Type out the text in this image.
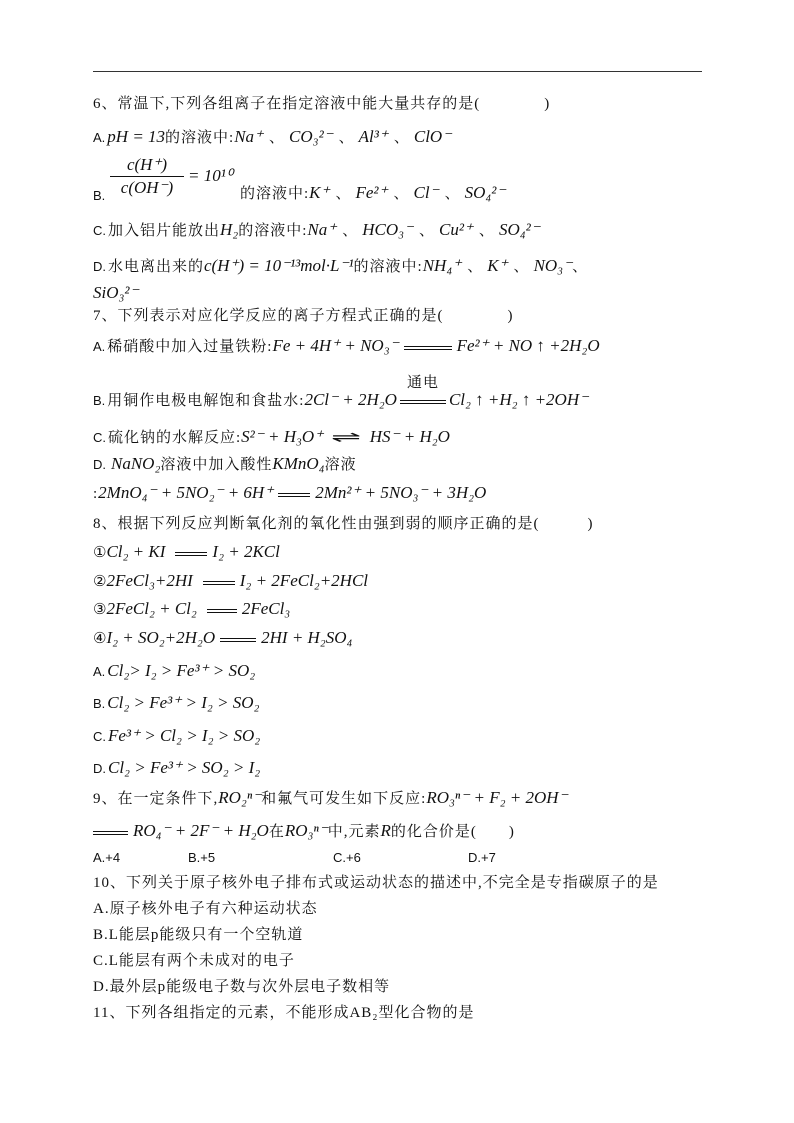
6、常温下,下列各组离子在指定溶液中能大量共存的是(　　　　)
A. pH = 13 的溶液中: Na⁺ 、 CO₃²⁻ 、 Al³⁺ 、 ClO⁻
B.
c(H⁺)
c(OH⁻)
= 10¹⁰
的溶液中: K⁺ 、 Fe²⁺ 、 Cl⁻ 、 SO₄²⁻
C. 加入铝片能放出 H₂ 的溶液中: Na⁺ 、 HCO₃⁻ 、 Cu²⁺ 、 SO₄²⁻
D. 水电离出来的 c(H⁺) = 10⁻¹³mol·L⁻¹ 的溶液中: NH₄⁺ 、 K⁺ 、 NO₃⁻ 、
SiO₃²⁻
7、下列表示对应化学反应的离子方程式正确的是(　　　　)
A. 稀硝酸中加入过量铁粉: Fe + 4H⁺ + NO₃⁻	Fe²⁺ + NO ↑ +2H₂O
B. 用铜作电极电解饱和食盐水: 2Cl⁻ + 2H₂O
通电
Cl₂ ↑ +H₂ ↑ +2OH⁻
C. 硫化钠的水解反应: S²⁻ + H₃O⁺ ⇌ HS⁻ + H₂O
D. NaNO₂ 溶液中加入酸性 KMnO₄ 溶液
: 2MnO₄⁻ + 5NO₂⁻ + 6H⁺ 2Mn²⁺ + 5NO₃⁻ + 3H₂O
8、根据下列反应判断氧化剂的氧化性由强到弱的顺序正确的是(　　　)
① Cl₂ + KI	I₂ + 2KCl
② 2FeCl₃+2HI	I₂ + 2FeCl₂+2HCl
③ 2FeCl₂ + Cl₂	2FeCl₃
④ I₂ + SO₂+2H₂O	2HI + H₂SO₄
A. Cl₂> I₂ > Fe³⁺ > SO₂
B. Cl₂ > Fe³⁺ > I₂ > SO₂
C. Fe³⁺ > Cl₂ > I₂ > SO₂
D. Cl₂ > Fe³⁺ > SO₂ > I₂
9、在一定条件下, RO₂ⁿ⁻ 和氟气可发生如下反应: RO₃ⁿ⁻ + F₂ + 2OH⁻
RO₄⁻ + 2F⁻ + H₂O 在 RO₃ⁿ⁻ 中,元素 R 的化合价是(　　)
A.+4	B.+5	C.+6	D.+7
10、下列关于原子核外电子排布式或运动状态的描述中,不完全是专指碳原子的是
A.原子核外电子有六种运动状态
B.L能层p能级只有一个空轨道
C.L能层有两个未成对的电子
D.最外层p能级电子数与次外层电子数相等
11、下列各组指定的元素，不能形成AB₂型化合物的是
